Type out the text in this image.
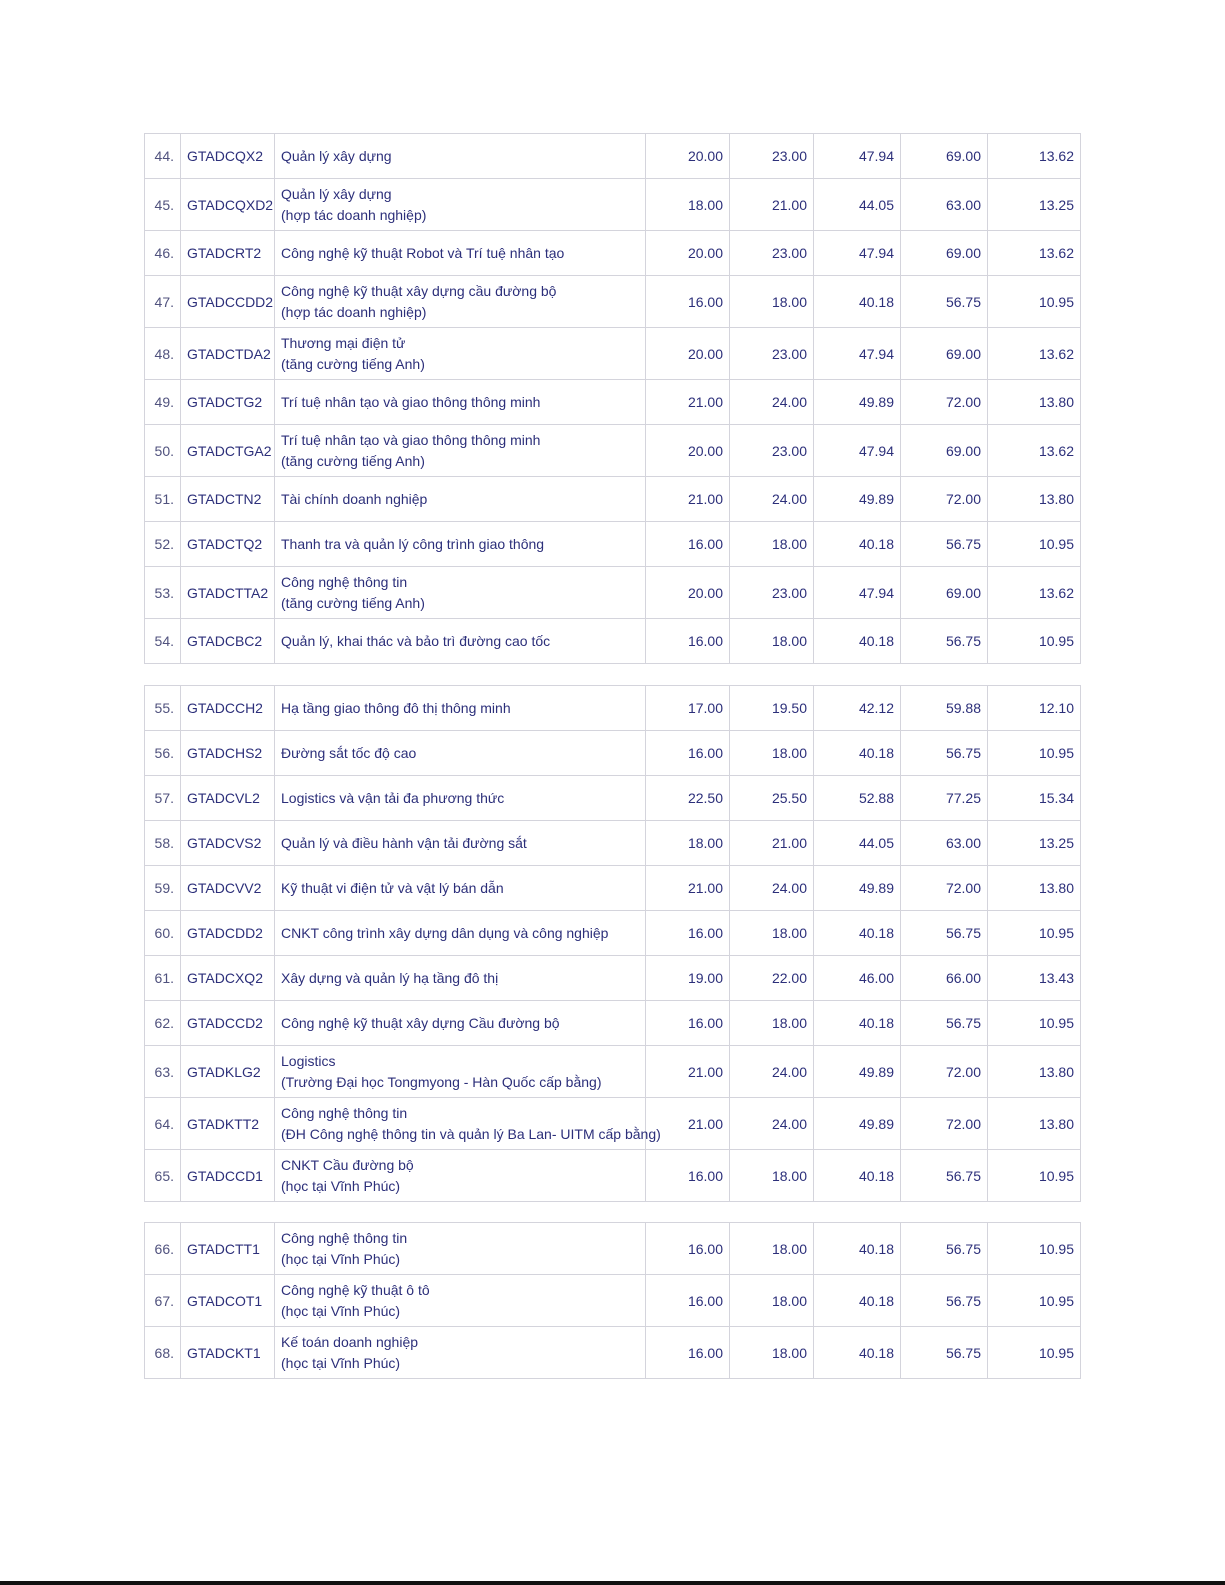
44.	GTADCQX2	Quản lý xây dựng	20.00	23.00	47.94	69.00	13.62
45.	GTADCQXD2	Quản lý xây dựng
(hợp tác doanh nghiệp)	18.00	21.00	44.05	63.00	13.25
46.	GTADCRT2	Công nghệ kỹ thuật Robot và Trí tuệ nhân tạo	20.00	23.00	47.94	69.00	13.62
47.	GTADCCDD2	Công nghệ kỹ thuật xây dựng cầu đường bộ
(hợp tác doanh nghiệp)	16.00	18.00	40.18	56.75	10.95
48.	GTADCTDA2	Thương mại điện tử
(tăng cường tiếng Anh)	20.00	23.00	47.94	69.00	13.62
49.	GTADCTG2	Trí tuệ nhân tạo và giao thông thông minh	21.00	24.00	49.89	72.00	13.80
50.	GTADCTGA2	Trí tuệ nhân tạo và giao thông thông minh
(tăng cường tiếng Anh)	20.00	23.00	47.94	69.00	13.62
51.	GTADCTN2	Tài chính doanh nghiệp	21.00	24.00	49.89	72.00	13.80
52.	GTADCTQ2	Thanh tra và quản lý công trình giao thông	16.00	18.00	40.18	56.75	10.95
53.	GTADCTTA2	Công nghệ thông tin
(tăng cường tiếng Anh)	20.00	23.00	47.94	69.00	13.62
54.	GTADCBC2	Quản lý, khai thác và bảo trì đường cao tốc	16.00	18.00	40.18	56.75	10.95
55.	GTADCCH2	Hạ tầng giao thông đô thị thông minh	17.00	19.50	42.12	59.88	12.10
56.	GTADCHS2	Đường sắt tốc độ cao	16.00	18.00	40.18	56.75	10.95
57.	GTADCVL2	Logistics và vận tải đa phương thức	22.50	25.50	52.88	77.25	15.34
58.	GTADCVS2	Quản lý và điều hành vận tải đường sắt	18.00	21.00	44.05	63.00	13.25
59.	GTADCVV2	Kỹ thuật vi điện tử và vật lý bán dẫn	21.00	24.00	49.89	72.00	13.80
60.	GTADCDD2	CNKT công trình xây dựng dân dụng và công nghiệp	16.00	18.00	40.18	56.75	10.95
61.	GTADCXQ2	Xây dựng và quản lý hạ tầng đô thị	19.00	22.00	46.00	66.00	13.43
62.	GTADCCD2	Công nghệ kỹ thuật xây dựng Cầu đường bộ	16.00	18.00	40.18	56.75	10.95
63.	GTADKLG2	Logistics
(Trường Đại học Tongmyong - Hàn Quốc cấp bằng)	21.00	24.00	49.89	72.00	13.80
64.	GTADKTT2	Công nghệ thông tin
(ĐH Công nghệ thông tin và quản lý Ba Lan- UITM cấp bằng)	21.00	24.00	49.89	72.00	13.80
65.	GTADCCD1	CNKT Cầu đường bộ
(học tại Vĩnh Phúc)	16.00	18.00	40.18	56.75	10.95
66.	GTADCTT1	Công nghệ thông tin
(học tại Vĩnh Phúc)	16.00	18.00	40.18	56.75	10.95
67.	GTADCOT1	Công nghệ kỹ thuật ô tô
(học tại Vĩnh Phúc)	16.00	18.00	40.18	56.75	10.95
68.	GTADCKT1	Kế toán doanh nghiệp
(học tại Vĩnh Phúc)	16.00	18.00	40.18	56.75	10.95
